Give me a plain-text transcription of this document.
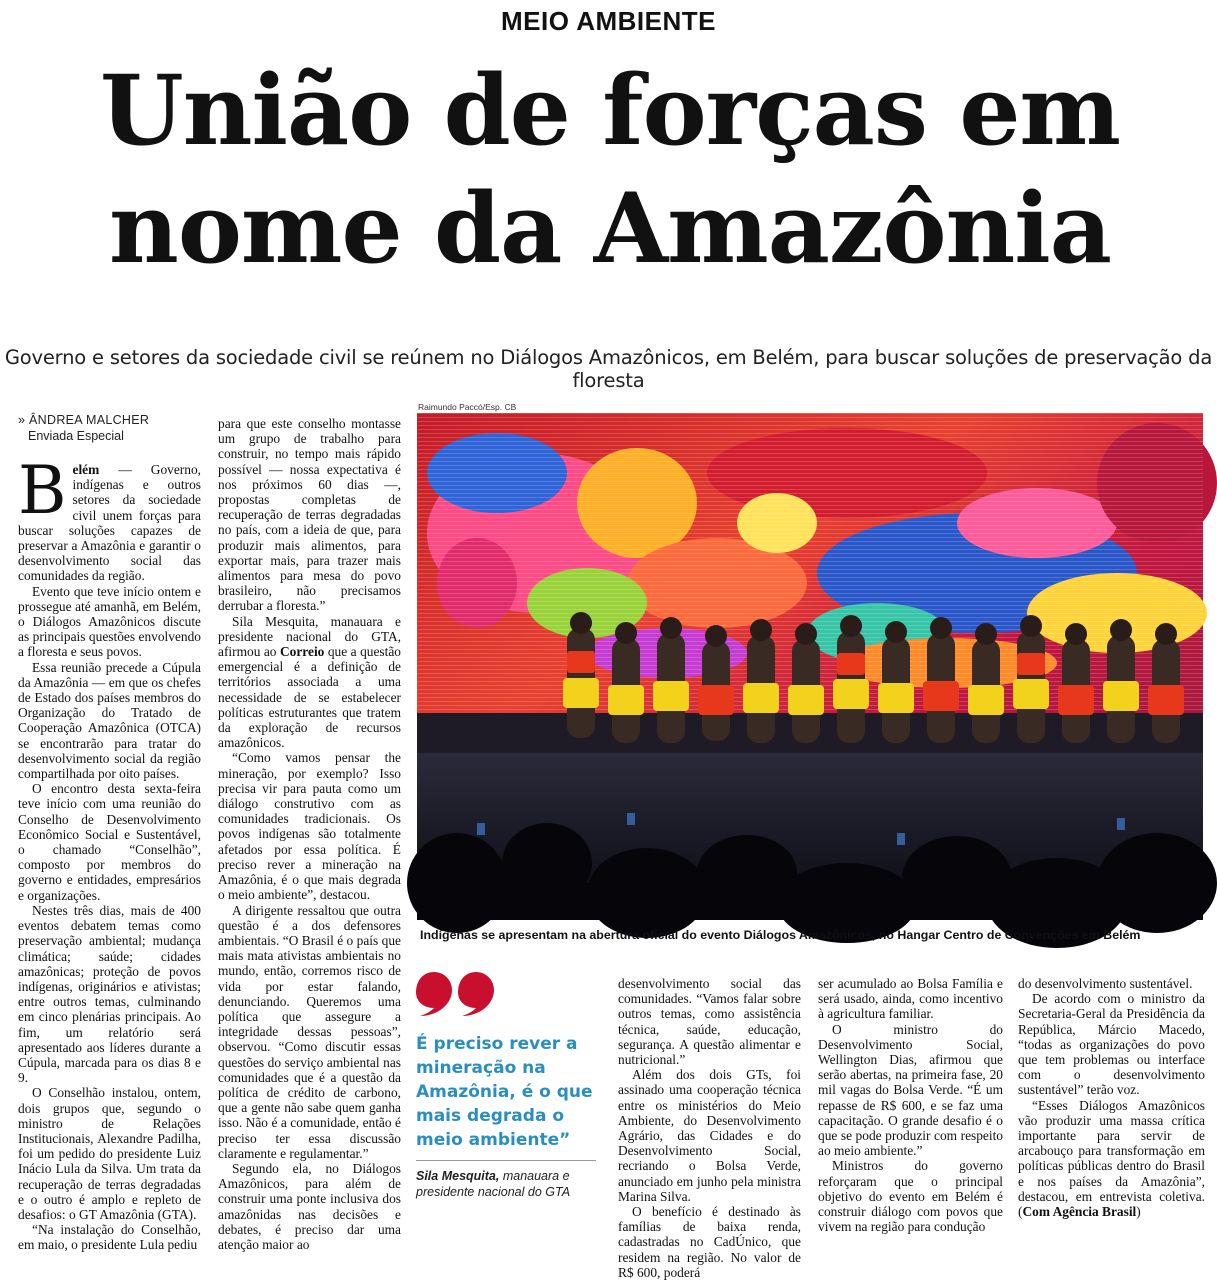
MEIO AMBIENTE
União de forças em
nome da Amazônia
Governo e setores da sociedade civil se reúnem no Diálogos Amazônicos, em Belém, para buscar soluções de preservação da floresta
» ÂNDREA MALCHER
Enviada Especial

Belém — Governo, indígenas e outros setores da sociedade civil unem forças para buscar soluções capazes de preservar a Amazônia e garantir o desenvolvimento social das comunidades da região.

Evento que teve início ontem e prossegue até amanhã, em Belém, o Diálogos Amazônicos discute as principais questões envolvendo a floresta e seus povos.

Essa reunião precede a Cúpula da Amazônia — em que os chefes de Estado dos países membros do Organização do Tratado de Cooperação Amazônica (OTCA) se encontrarão para tratar do desenvolvimento social da região compartilhada por oito países.

O encontro desta sexta-feira teve início com uma reunião do Conselho de Desenvolvimento Econômico Social e Sustentável, o chamado “Conselhão”, composto por membros do governo e entidades, empresários e organizações.

Nestes três dias, mais de 400 eventos debatem temas como preservação ambiental; mudança climática; saúde; cidades amazônicas; proteção de povos indígenas, originários e ativistas; entre outros temas, culminando em cinco plenárias principais. Ao fim, um relatório será apresentado aos líderes durante a Cúpula, marcada para os dias 8 e 9.

O Conselhão instalou, ontem, dois grupos que, segundo o ministro de Relações Institucionais, Alexandre Padilha, foi um pedido do presidente Luiz Inácio Lula da Silva. Um trata da recuperação de terras degradadas e o outro é amplo e repleto de desafios: o GT Amazônia (GTA).

“Na instalação do Conselhão, em maio, o presidente Lula pediu

para que este conselho montasse um grupo de trabalho para construir, no tempo mais rápido possível — nossa expectativa é nos próximos 60 dias —, propostas completas de recuperação de terras degradadas no país, com a ideia de que, para produzir mais alimentos, para exportar mais, para trazer mais alimentos para mesa do povo brasileiro, não precisamos derrubar a floresta.”

Sila Mesquita, manauara e presidente nacional do GTA, afirmou ao Correio que a questão emergencial é a definição de territórios associada a uma necessidade de se estabelecer políticas estruturantes que tratem da exploração de recursos amazônicos.

“Como vamos pensar the mineração, por exemplo? Isso precisa vir para pauta como um diálogo construtivo com as comunidades tradicionais. Os povos indígenas são totalmente afetados por essa política. É preciso rever a mineração na Amazônia, é o que mais degrada o meio ambiente”, destacou.

A dirigente ressaltou que outra questão é a dos defensores ambientais. “O Brasil é o país que mais mata ativistas ambientais no mundo, então, corremos risco de vida por estar falando, denunciando. Queremos uma política que assegure a integridade dessas pessoas”, observou. “Como discutir essas questões do serviço ambiental nas comunidades que é a questão da política de crédito de carbono, que a gente não sabe quem ganha isso. Não é a comunidade, então é preciso ter essa discussão claramente e regulamentar.”

Segundo ela, no Diálogos Amazônicos, para além de construir uma ponte inclusiva dos amazônidas nas decisões e debates, é preciso dar uma atenção maior ao

Raimundo Paccó/Esp. CB
Indígenas se apresentam na abertura oficial do evento Diálogos Amazônicos, no Hangar Centro de Convenções em Belém
É preciso rever a mineração na Amazônia, é o que mais degrada o meio ambiente”
Sila Mesquita, manauara e presidente nacional do GTA

desenvolvimento social das comunidades. “Vamos falar sobre outros temas, como assistência técnica, saúde, educação, segurança. A questão alimentar e nutricional.”

Além dos dois GTs, foi assinado uma cooperação técnica entre os ministérios do Meio Ambiente, do Desenvolvimento Agrário, das Cidades e do Desenvolvimento Social, recriando o Bolsa Verde, anunciado em junho pela ministra Marina Silva.

O benefício é destinado às famílias de baixa renda, cadastradas no CadÚnico, que residem na região. No valor de R$ 600, poderá

ser acumulado ao Bolsa Família e será usado, ainda, como incentivo à agricultura familiar.

O ministro do Desenvolvimento Social, Wellington Dias, afirmou que serão abertas, na primeira fase, 20 mil vagas do Bolsa Verde. “É um repasse de R$ 600, e se faz uma capacitação. O grande desafio é o que se pode produzir com respeito ao meio ambiente.”

Ministros do governo reforçaram que o principal objetivo do evento em Belém é construir diálogo com povos que vivem na região para condução

do desenvolvimento sustentável.

De acordo com o ministro da Secretaria-Geral da Presidência da República, Márcio Macedo, “todas as organizações do povo que tem problemas ou interface com o desenvolvimento sustentável” terão voz.

“Esses Diálogos Amazônicos vão produzir uma massa crítica importante para servir de arcabouço para transformação em políticas públicas dentro do Brasil e nos países da Amazônia”, destacou, em entrevista coletiva. (Com Agência Brasil)
